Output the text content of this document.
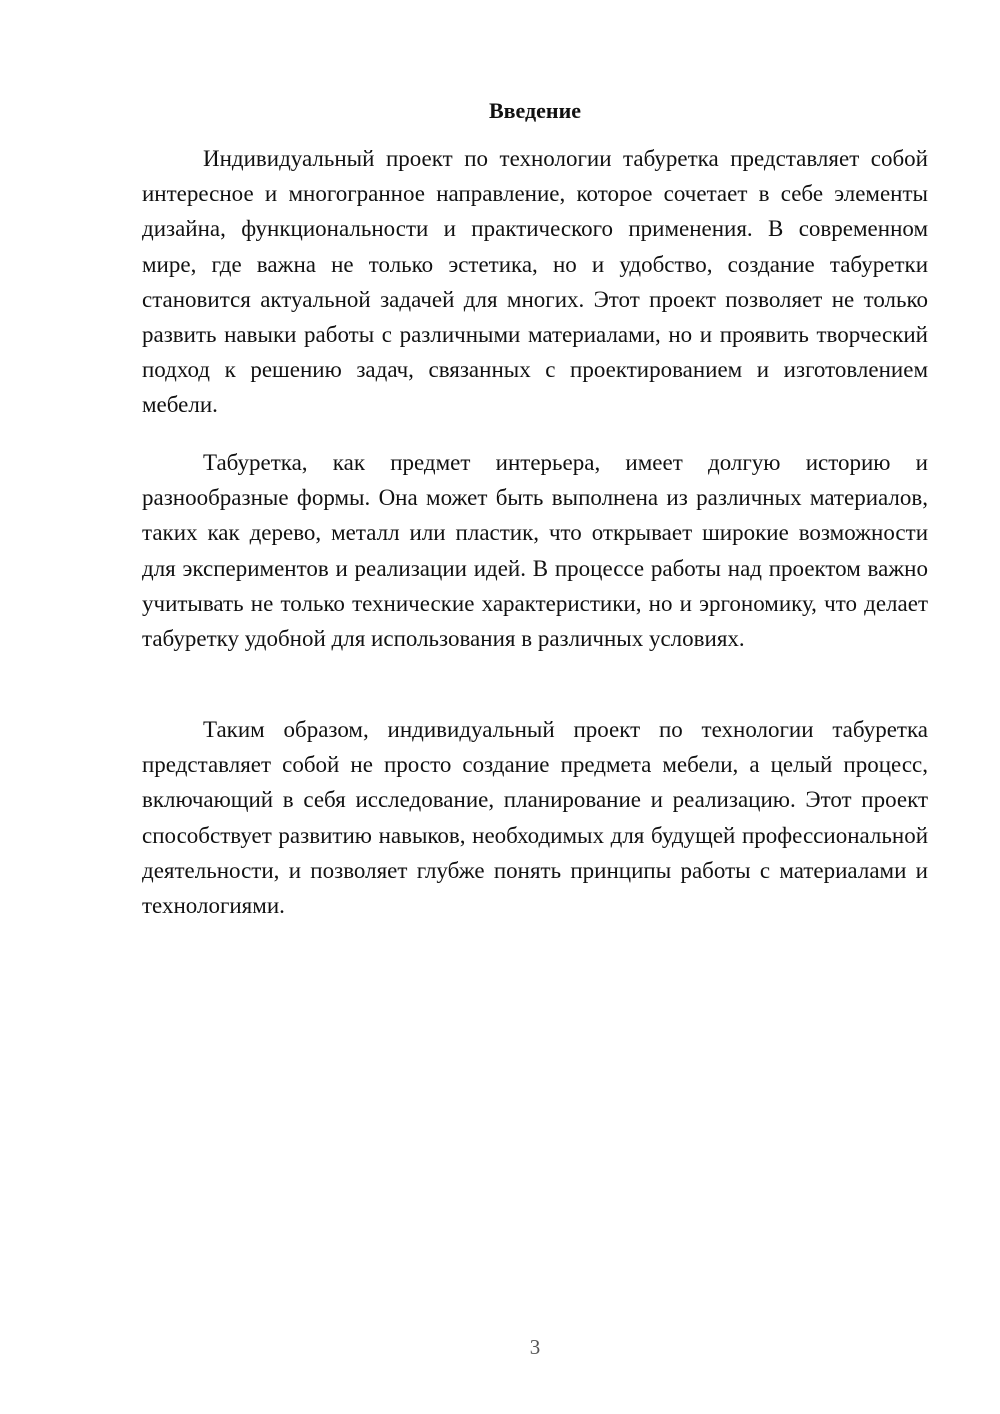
Введение

Индивидуальный проект по технологии табуретка представляет собой интересное и многогранное направление, которое сочетает в себе элементы дизайна, функциональности и практического применения. В современном мире, где важна не только эстетика, но и удобство, создание табуретки становится актуальной задачей для многих. Этот проект позволяет не только развить навыки работы с различными материалами, но и проявить творческий подход к решению задач, связанных с проектированием и изготовлением мебели.

Табуретка, как предмет интерьера, имеет долгую историю и разнообразные формы. Она может быть выполнена из различных материалов, таких как дерево, металл или пластик, что открывает широкие возможности для экспериментов и реализации идей. В процессе работы над проектом важно учитывать не только технические характеристики, но и эргономику, что делает табуретку удобной для использования в различных условиях.

Таким образом, индивидуальный проект по технологии табуретка представляет собой не просто создание предмета мебели, а целый процесс, включающий в себя исследование, планирование и реализацию. Этот проект способствует развитию навыков, необходимых для будущей профессиональной деятельности, и позволяет глубже понять принципы работы с материалами и технологиями.

3
